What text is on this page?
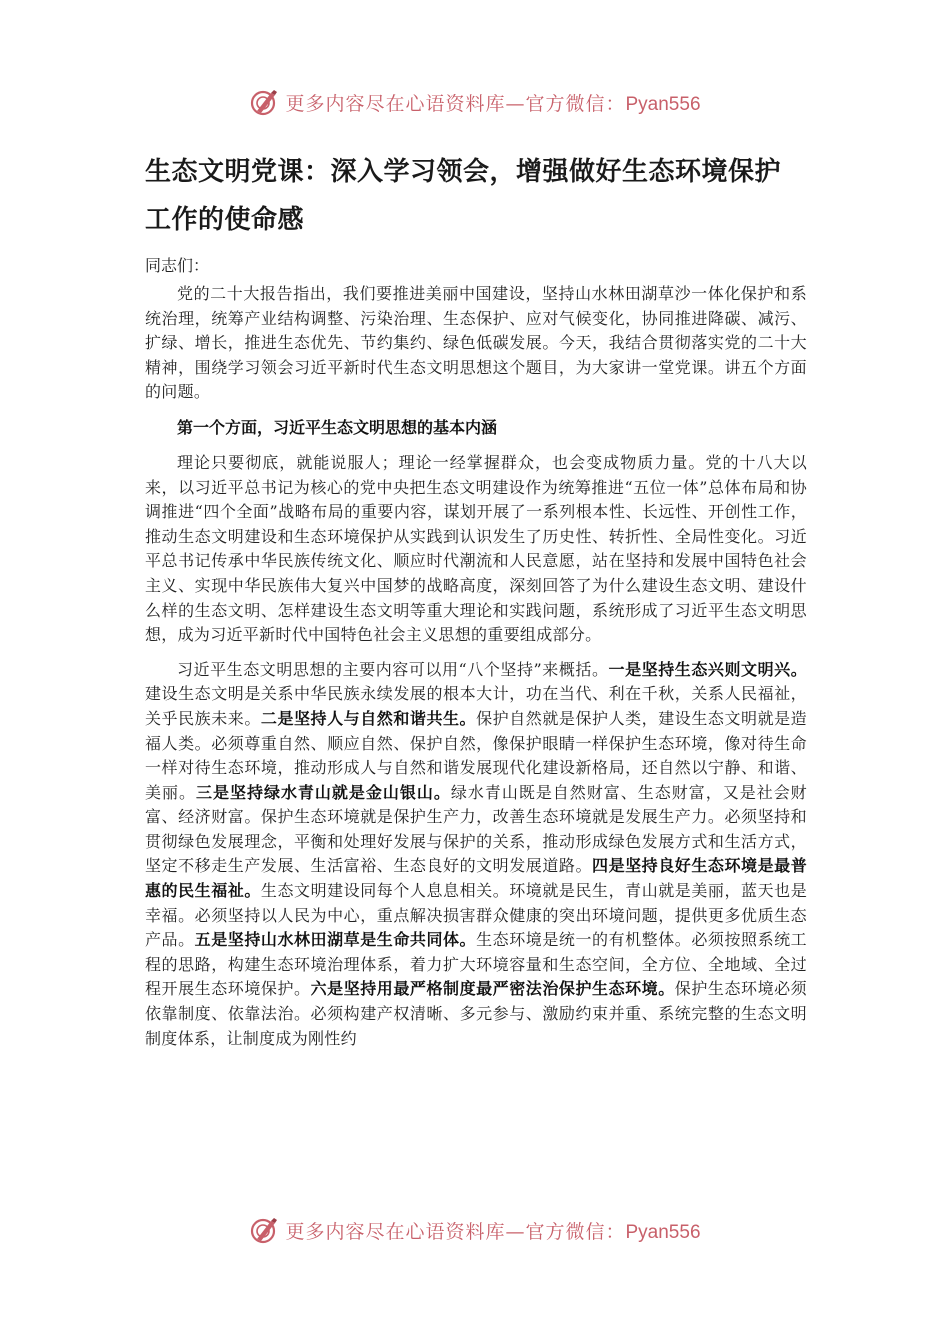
更多内容尽在心语资料库—官方微信：Pyan556
生态文明党课：深入学习领会，增强做好生态环境保护工作的使命感

同志们：

党的二十大报告指出，我们要推进美丽中国建设，坚持山水林田湖草沙一体化保护和系统治理，统筹产业结构调整、污染治理、生态保护、应对气候变化，协同推进降碳、减污、扩绿、增长，推进生态优先、节约集约、绿色低碳发展。今天，我结合贯彻落实党的二十大精神，围绕学习领会习近平新时代生态文明思想这个题目，为大家讲一堂党课。讲五个方面的问题。

第一个方面，习近平生态文明思想的基本内涵

理论只要彻底，就能说服人；理论一经掌握群众，也会变成物质力量。党的十八大以来，以习近平总书记为核心的党中央把生态文明建设作为统筹推进“五位一体”总体布局和协调推进“四个全面”战略布局的重要内容，谋划开展了一系列根本性、长远性、开创性工作，推动生态文明建设和生态环境保护从实践到认识发生了历史性、转折性、全局性变化。习近平总书记传承中华民族传统文化、顺应时代潮流和人民意愿，站在坚持和发展中国特色社会主义、实现中华民族伟大复兴中国梦的战略高度，深刻回答了为什么建设生态文明、建设什么样的生态文明、怎样建设生态文明等重大理论和实践问题，系统形成了习近平生态文明思想，成为习近平新时代中国特色社会主义思想的重要组成部分。

习近平生态文明思想的主要内容可以用“八个坚持”来概括。一是坚持生态兴则文明兴。建设生态文明是关系中华民族永续发展的根本大计，功在当代、利在千秋，关系人民福祉，关乎民族未来。二是坚持人与自然和谐共生。保护自然就是保护人类，建设生态文明就是造福人类。必须尊重自然、顺应自然、保护自然，像保护眼睛一样保护生态环境，像对待生命一样对待生态环境，推动形成人与自然和谐发展现代化建设新格局，还自然以宁静、和谐、美丽。三是坚持绿水青山就是金山银山。绿水青山既是自然财富、生态财富，又是社会财富、经济财富。保护生态环境就是保护生产力，改善生态环境就是发展生产力。必须坚持和贯彻绿色发展理念，平衡和处理好发展与保护的关系，推动形成绿色发展方式和生活方式，坚定不移走生产发展、生活富裕、生态良好的文明发展道路。四是坚持良好生态环境是最普惠的民生福祉。生态文明建设同每个人息息相关。环境就是民生，青山就是美丽，蓝天也是幸福。必须坚持以人民为中心，重点解决损害群众健康的突出环境问题，提供更多优质生态产品。五是坚持山水林田湖草是生命共同体。生态环境是统一的有机整体。必须按照系统工程的思路，构建生态环境治理体系，着力扩大环境容量和生态空间，全方位、全地域、全过程开展生态环境保护。六是坚持用最严格制度最严密法治保护生态环境。保护生态环境必须依靠制度、依靠法治。必须构建产权清晰、多元参与、激励约束并重、系统完整的生态文明制度体系，让制度成为刚性约

更多内容尽在心语资料库—官方微信：Pyan556
